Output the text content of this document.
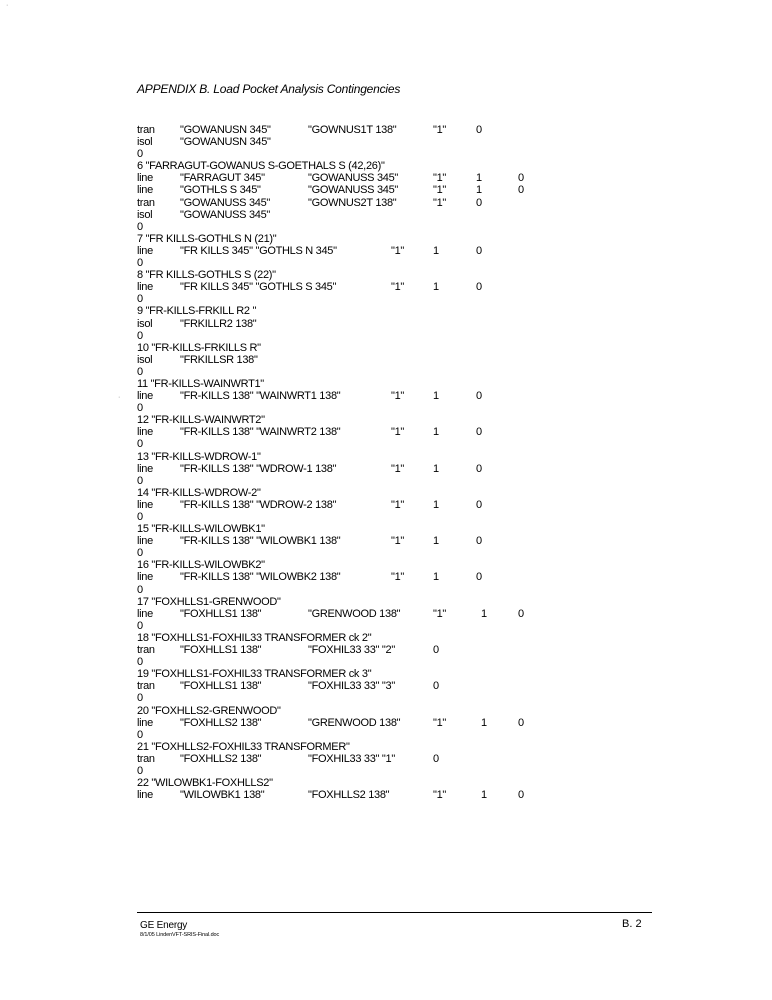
·
·
APPENDIX B. Load Pocket Analysis Contingencies
tran "GOWANUSN 345"	"GOWNUS1T 138"	"1"	0
isol	"GOWANUSN 345"
0
6 "FARRAGUT-GOWANUS S-GOETHALS S (42,26)"
line "FARRAGUT 345"	"GOWANUSS 345"	"1"	1	0
line "GOTHLS S 345"	"GOWANUSS 345"	"1"	1	0
tran "GOWANUSS 345"	"GOWNUS2T 138"	"1"	0
isol	"GOWANUSS 345"
0
7 "FR KILLS-GOTHLS N (21)"
line "FR KILLS 345" "GOTHLS N 345"	"1"	1	0
0
8 "FR KILLS-GOTHLS S (22)"
line "FR KILLS 345" "GOTHLS S 345"	"1"	1	0
0
9 "FR-KILLS-FRKILL R2 "
isol	"FRKILLR2 138"
0
10 "FR-KILLS-FRKILLS R"
isol	"FRKILLSR 138"
0
11 "FR-KILLS-WAINWRT1"
line "FR-KILLS 138" "WAINWRT1 138"	"1"	1	0
0
12 "FR-KILLS-WAINWRT2"
line "FR-KILLS 138" "WAINWRT2 138"	"1"	1	0
0
13 "FR-KILLS-WDROW-1"
line "FR-KILLS 138" "WDROW-1 138"	"1"	1	0
0
14 "FR-KILLS-WDROW-2"
line "FR-KILLS 138" "WDROW-2 138"	"1"	1	0
0
15 "FR-KILLS-WILOWBK1"
line "FR-KILLS 138" "WILOWBK1 138"	"1"	1	0
0
16 "FR-KILLS-WILOWBK2"
line "FR-KILLS 138" "WILOWBK2 138"	"1"	1	0
0
17 "FOXHLLS1-GRENWOOD"
line "FOXHLLS1 138"	"GRENWOOD 138"	"1"	1	0
0
18 "FOXHLLS1-FOXHIL33 TRANSFORMER ck 2"
tran "FOXHLLS1 138"	"FOXHIL33 33" "2"	0
0
19 "FOXHLLS1-FOXHIL33 TRANSFORMER ck 3"
tran "FOXHLLS1 138"	"FOXHIL33 33" "3"	0
0
20 "FOXHLLS2-GRENWOOD"
line "FOXHLLS2 138"	"GRENWOOD 138"	"1"	1	0
0
21 "FOXHLLS2-FOXHIL33 TRANSFORMER"
tran "FOXHLLS2 138"	"FOXHIL33 33" "1"	0
0
22 "WILOWBK1-FOXHLLS2"
line "WILOWBK1 138"	"FOXHLLS2 138"	"1"	1	0
GE Energy
8/1/05 LindenVFT-SRIS-Final.doc
B. 2
